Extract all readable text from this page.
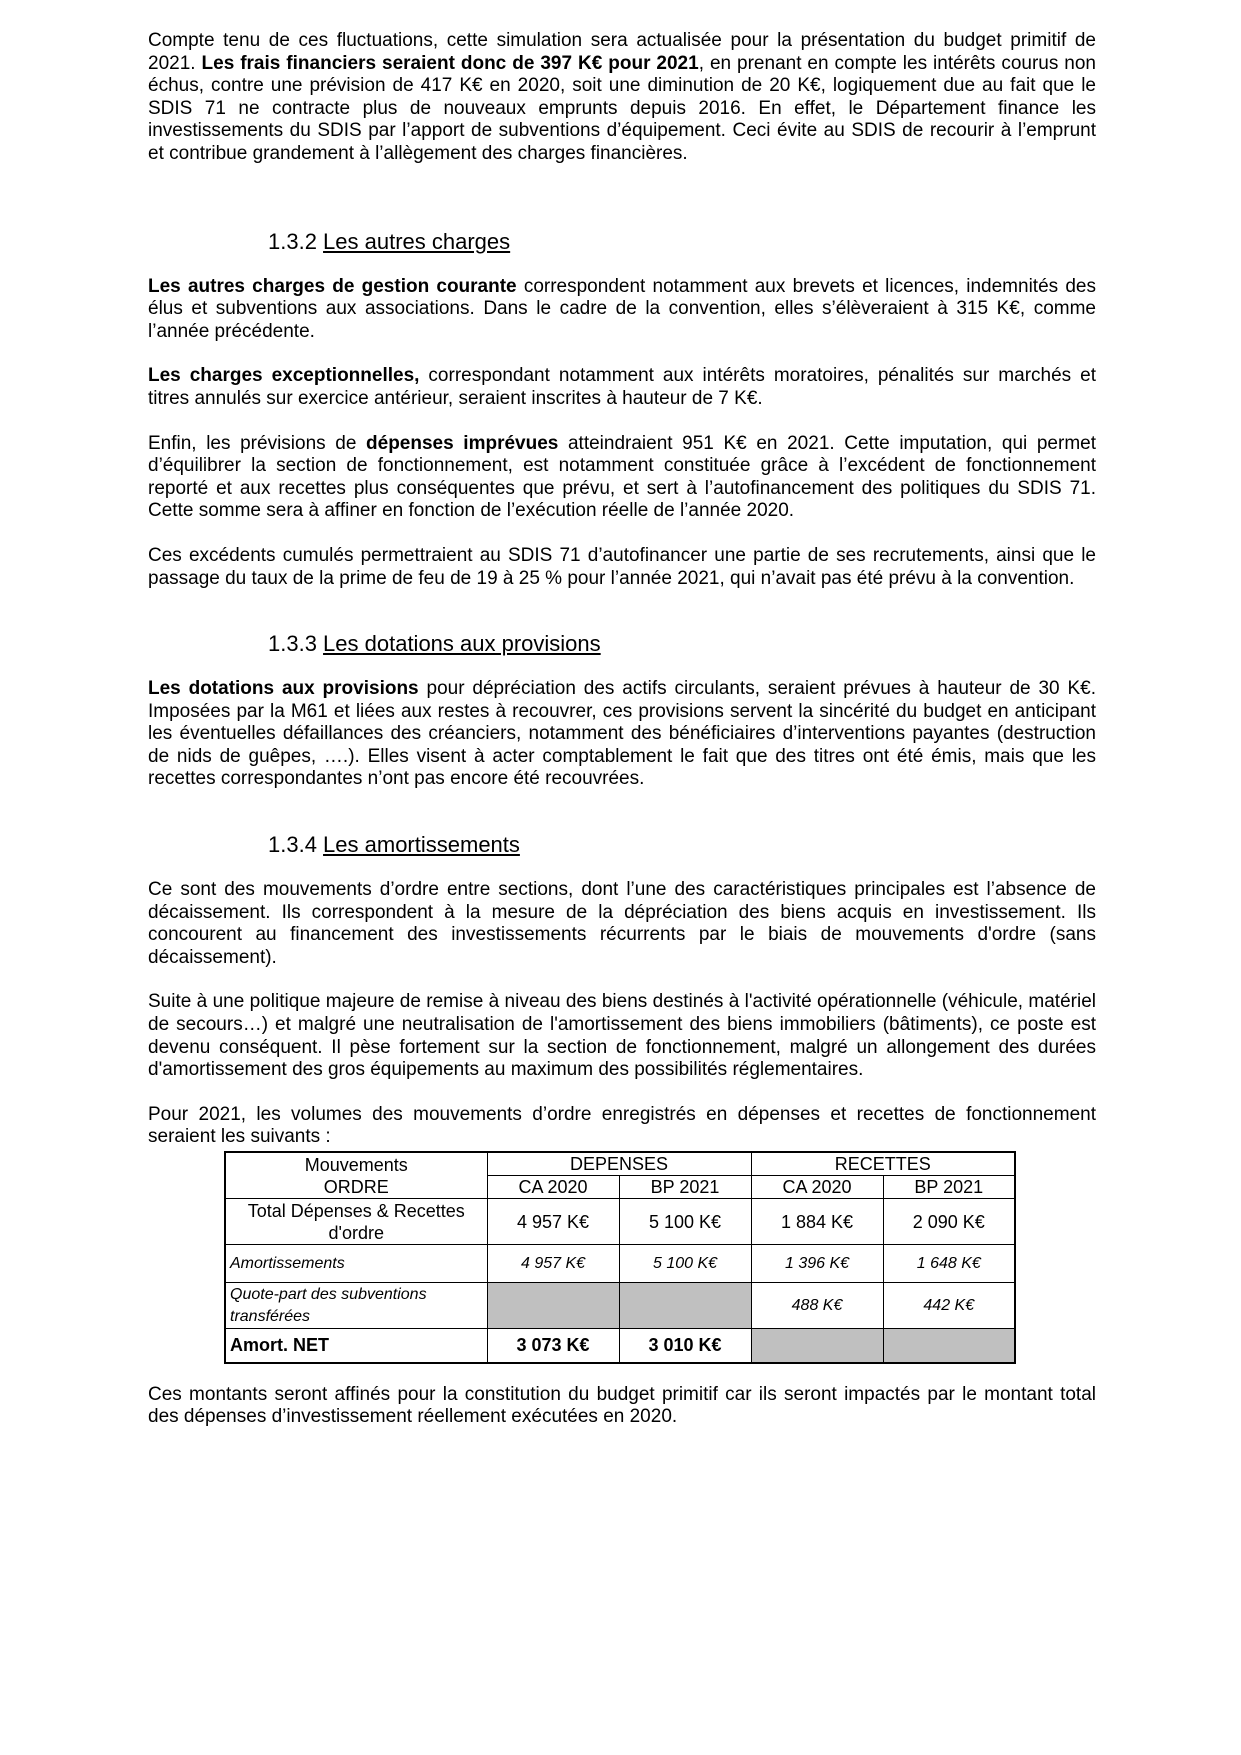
Compte tenu de ces fluctuations, cette simulation sera actualisée pour la présentation du budget primitif de 2021. Les frais financiers seraient donc de 397 K€ pour 2021, en prenant en compte les intérêts courus non échus, contre une prévision de 417 K€ en 2020, soit une diminution de 20 K€, logiquement due au fait que le SDIS 71 ne contracte plus de nouveaux emprunts depuis 2016. En effet, le Département finance les investissements du SDIS par l’apport de subventions d’équipement. Ceci évite au SDIS de recourir à l’emprunt et contribue grandement à l’allègement des charges financières.

1.3.2 Les autres charges

Les autres charges de gestion courante correspondent notamment aux brevets et licences, indemnités des élus et subventions aux associations. Dans le cadre de la convention, elles s’élèveraient à 315 K€, comme l’année précédente.

Les charges exceptionnelles, correspondant notamment aux intérêts moratoires, pénalités sur marchés et titres annulés sur exercice antérieur, seraient inscrites à hauteur de 7 K€.

Enfin, les prévisions de dépenses imprévues atteindraient 951 K€ en 2021. Cette imputation, qui permet d’équilibrer la section de fonctionnement, est notamment constituée grâce à l’excédent de fonctionnement reporté et aux recettes plus conséquentes que prévu, et sert à l’autofinancement des politiques du SDIS 71. Cette somme sera à affiner en fonction de l’exécution réelle de l’année 2020.

Ces excédents cumulés permettraient au SDIS 71 d’autofinancer une partie de ses recrutements, ainsi que le passage du taux de la prime de feu de 19 à 25 % pour l’année 2021, qui n’avait pas été prévu à la convention.

1.3.3 Les dotations aux provisions

Les dotations aux provisions pour dépréciation des actifs circulants, seraient prévues à hauteur de 30 K€. Imposées par la M61 et liées aux restes à recouvrer, ces provisions servent la sincérité du budget en anticipant les éventuelles défaillances des créanciers, notamment des bénéficiaires d’interventions payantes (destruction de nids de guêpes, ….). Elles visent à acter comptablement le fait que des titres ont été émis, mais que les recettes correspondantes n’ont pas encore été recouvrées.

1.3.4 Les amortissements

Ce sont des mouvements d’ordre entre sections, dont l’une des caractéristiques principales est l’absence de décaissement. Ils correspondent à la mesure de la dépréciation des biens acquis en investissement. Ils concourent au financement des investissements récurrents par le biais de mouvements d'ordre (sans décaissement).

Suite à une politique majeure de remise à niveau des biens destinés à l'activité opérationnelle (véhicule, matériel de secours…) et malgré une neutralisation de l'amortissement des biens immobiliers (bâtiments), ce poste est devenu conséquent. Il pèse fortement sur la section de fonctionnement, malgré un allongement des durées d'amortissement des gros équipements au maximum des possibilités réglementaires.

Pour 2021, les volumes des mouvements d’ordre enregistrés en dépenses et recettes de fonctionnement seraient les suivants :

Mouvements
ORDRE	DEPENSES		RECETTES	
	CA 2020	BP 2021	CA 2020	BP 2021
Total Dépenses & Recettes d'ordre	4 957 K€	5 100 K€	1 884 K€	2 090 K€
Amortissements	4 957 K€	5 100 K€	1 396 K€	1 648 K€
Quote-part des subventions transférées			488 K€	442 K€
Amort. NET	3 073 K€	3 010 K€		

Ces montants seront affinés pour la constitution du budget primitif car ils seront impactés par le montant total des dépenses d’investissement réellement exécutées en 2020.
